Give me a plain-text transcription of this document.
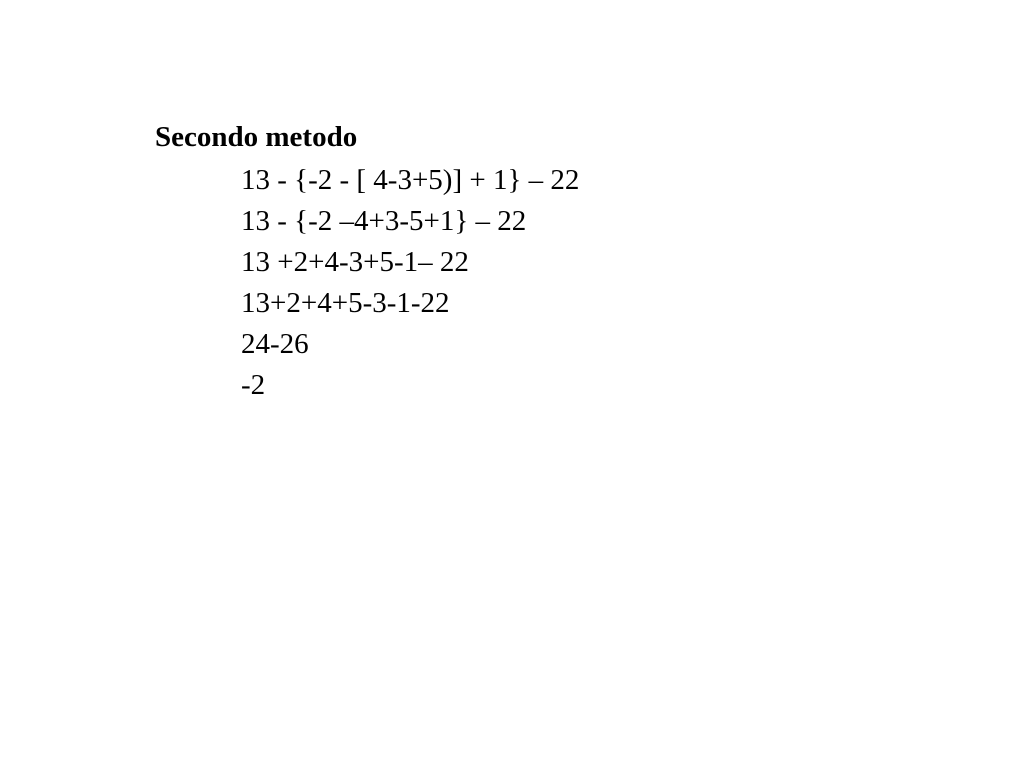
Secondo metodo
13 - {-2 - [ 4-3+5)] + 1} – 22
13 - {-2 –4+3-5+1} – 22
13 +2+4-3+5-1– 22
13+2+4+5-3-1-22
24-26
-2
